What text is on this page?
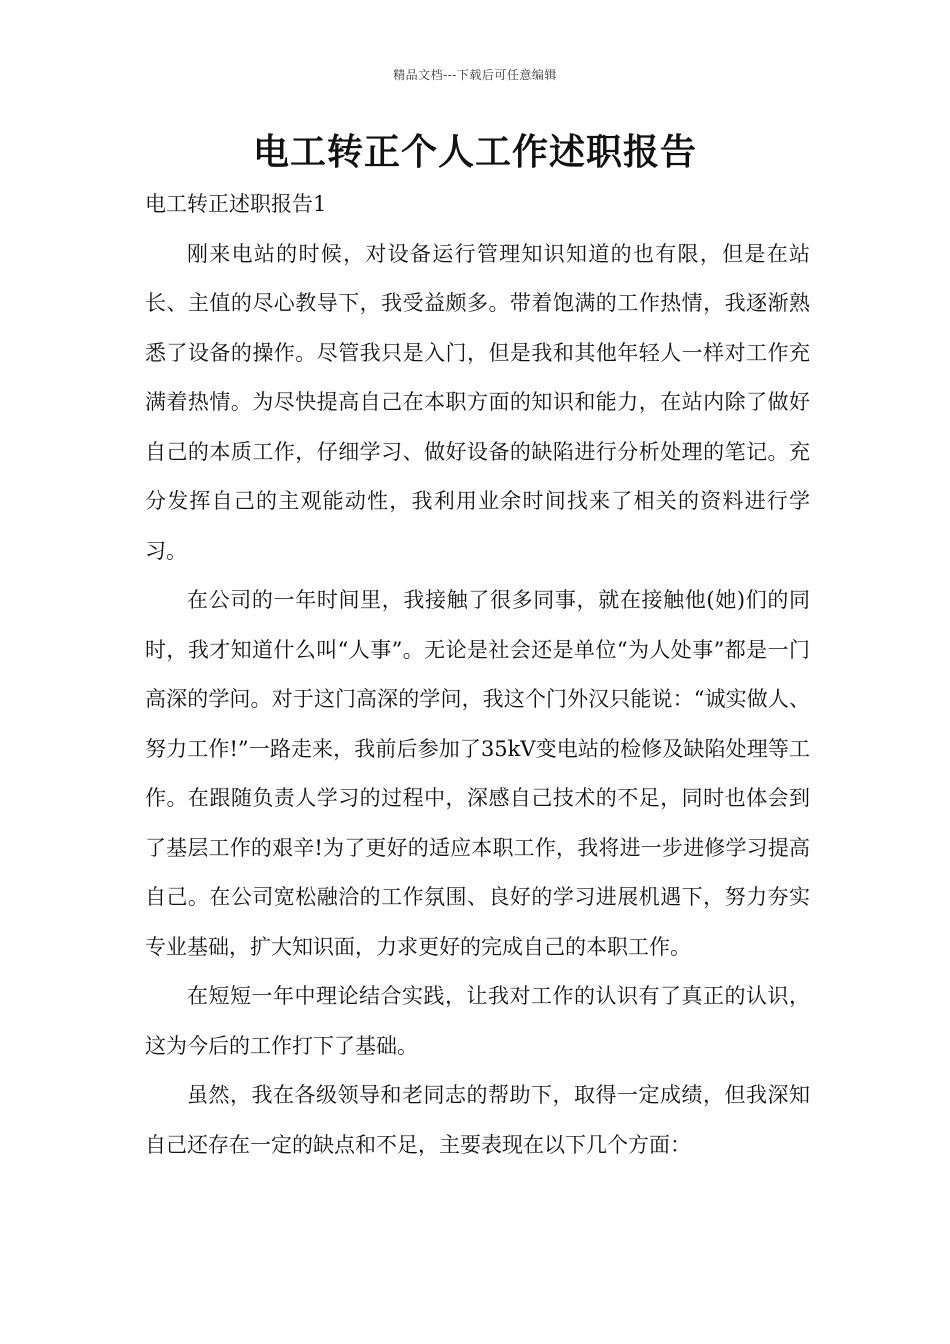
精品文档---下载后可任意编辑
电工转正个人工作述职报告

电工转正述职报告1

刚来电站的时候，对设备运行管理知识知道的也有限，但是在站长、主值的尽心教导下，我受益颇多。带着饱满的工作热情，我逐渐熟悉了设备的操作。尽管我只是入门，但是我和其他年轻人一样对工作充满着热情。为尽快提高自己在本职方面的知识和能力，在站内除了做好自己的本质工作，仔细学习、做好设备的缺陷进行分析处理的笔记。充分发挥自己的主观能动性，我利用业余时间找来了相关的资料进行学习。

在公司的一年时间里，我接触了很多同事，就在接触他(她)们的同时，我才知道什么叫“人事”。无论是社会还是单位“为人处事”都是一门高深的学问。对于这门高深的学问，我这个门外汉只能说：“诚实做人、努力工作!”一路走来，我前后参加了35kV变电站的检修及缺陷处理等工作。在跟随负责人学习的过程中，深感自己技术的不足，同时也体会到了基层工作的艰辛!为了更好的适应本职工作，我将进一步进修学习提高自己。在公司宽松融洽的工作氛围、良好的学习进展机遇下，努力夯实专业基础，扩大知识面，力求更好的完成自己的本职工作。

在短短一年中理论结合实践，让我对工作的认识有了真正的认识，这为今后的工作打下了基础。

虽然，我在各级领导和老同志的帮助下，取得一定成绩，但我深知自己还存在一定的缺点和不足，主要表现在以下几个方面：
